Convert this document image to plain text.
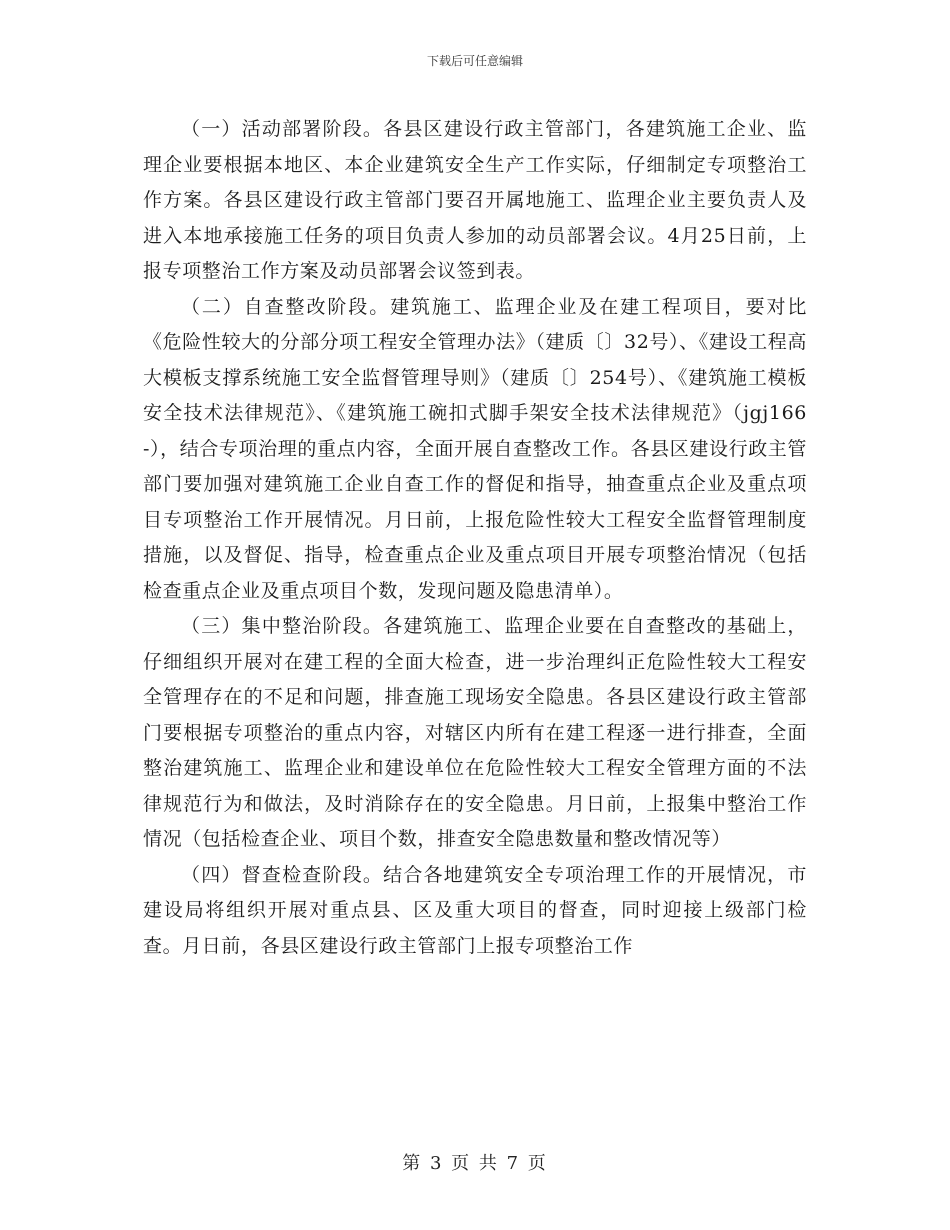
下载后可任意编辑

（一）活动部署阶段。各县区建设行政主管部门，各建筑施工企业、监理企业要根据本地区、本企业建筑安全生产工作实际，仔细制定专项整治工作方案。各县区建设行政主管部门要召开属地施工、监理企业主要负责人及进入本地承接施工任务的项目负责人参加的动员部署会议。4月25日前，上报专项整治工作方案及动员部署会议签到表。

（二）自查整改阶段。建筑施工、监理企业及在建工程项目，要对比《危险性较大的分部分项工程安全管理办法》（建质〔〕32号）、《建设工程高大模板支撑系统施工安全监督管理导则》（建质〔〕254号）、《建筑施工模板安全技术法律规范》、《建筑施工碗扣式脚手架安全技术法律规范》（jgj166-），结合专项治理的重点内容，全面开展自查整改工作。各县区建设行政主管部门要加强对建筑施工企业自查工作的督促和指导，抽查重点企业及重点项目专项整治工作开展情况。月日前，上报危险性较大工程安全监督管理制度措施，以及督促、指导，检查重点企业及重点项目开展专项整治情况（包括检查重点企业及重点项目个数，发现问题及隐患清单）。

（三）集中整治阶段。各建筑施工、监理企业要在自查整改的基础上，仔细组织开展对在建工程的全面大检查，进一步治理纠正危险性较大工程安全管理存在的不足和问题，排查施工现场安全隐患。各县区建设行政主管部门要根据专项整治的重点内容，对辖区内所有在建工程逐一进行排查，全面整治建筑施工、监理企业和建设单位在危险性较大工程安全管理方面的不法律规范行为和做法，及时消除存在的安全隐患。月日前，上报集中整治工作情况（包括检查企业、项目个数，排查安全隐患数量和整改情况等）

（四）督查检查阶段。结合各地建筑安全专项治理工作的开展情况，市建设局将组织开展对重点县、区及重大项目的督查，同时迎接上级部门检查。月日前，各县区建设行政主管部门上报专项整治工作

第 3 页 共 7 页
